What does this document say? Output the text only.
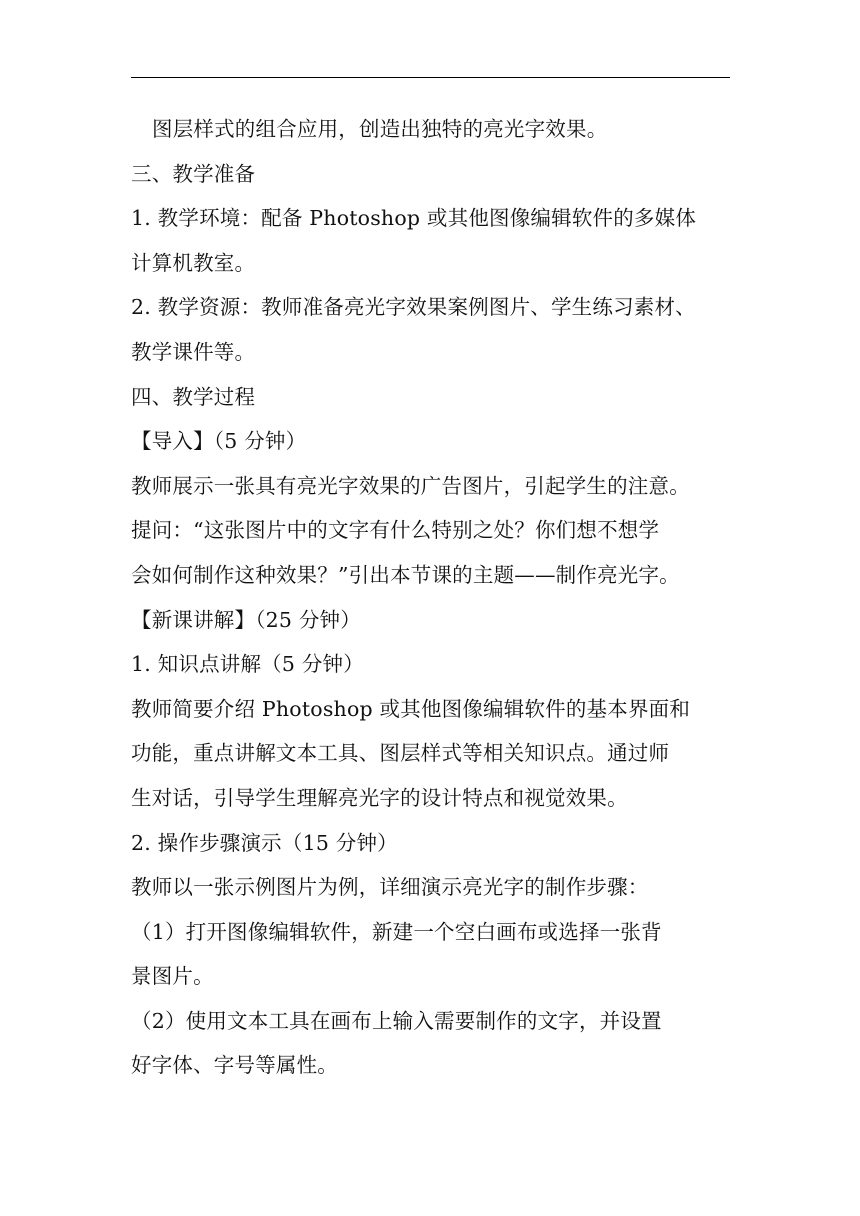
图层样式的组合应用，创造出独特的亮光字效果。
三、教学准备
1. 教学环境：配备 Photoshop 或其他图像编辑软件的多媒体
计算机教室。
2. 教学资源：教师准备亮光字效果案例图片、学生练习素材、
教学课件等。
四、教学过程
【导入】（5 分钟）
教师展示一张具有亮光字效果的广告图片，引起学生的注意。
提问：“这张图片中的文字有什么特别之处？你们想不想学
会如何制作这种效果？”引出本节课的主题——制作亮光字。
【新课讲解】（25 分钟）
1. 知识点讲解（5 分钟）
教师简要介绍 Photoshop 或其他图像编辑软件的基本界面和
功能，重点讲解文本工具、图层样式等相关知识点。通过师
生对话，引导学生理解亮光字的设计特点和视觉效果。
2. 操作步骤演示（15 分钟）
教师以一张示例图片为例，详细演示亮光字的制作步骤：
（1）打开图像编辑软件，新建一个空白画布或选择一张背
景图片。
（2）使用文本工具在画布上输入需要制作的文字，并设置
好字体、字号等属性。
